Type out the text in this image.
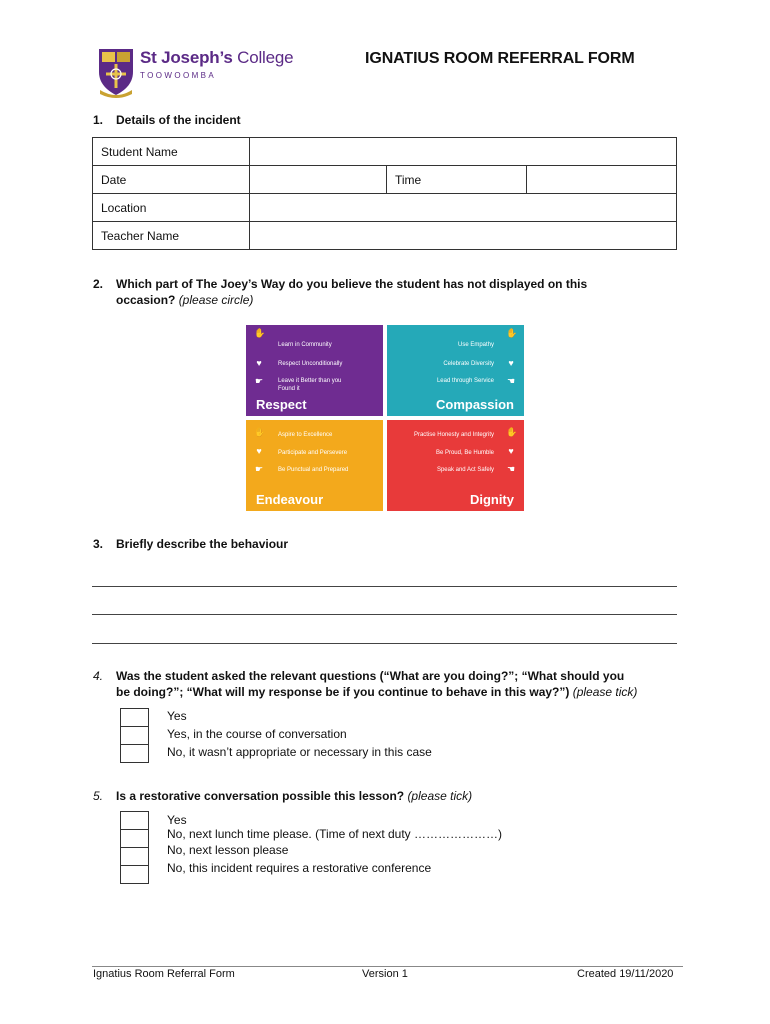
St Joseph’s College
TOOWOOMBA
IGNATIUS ROOM REFERRAL FORM
1. Details of the incident
Student Name			
Date		Time	
Location			
Teacher Name			
2. Which part of The Joey’s Way do you believe the student has not displayed on this
occasion? (please circle)
✋
Learn in Community
♥	Respect Unconditionally
☛ Leave it Better than you
Found it
Respect
✋
Use Empathy
♥
Celebrate Diversity
☚
Lead through Service
Compassion
✋ Aspire to Excellence
♥	Participate and Persevere
☛ Be Punctual and Prepared
Endeavour
✋
Practise Honesty and Integrity
♥
Be Proud, Be Humble
☚
Speak and Act Safely
Dignity
3. Briefly describe the behaviour
4. Was the student asked the relevant questions (“What are you doing?”; “What should you
be doing?”; “What will my response be if you continue to behave in this way?”) (please tick)
Yes
Yes, in the course of conversation
No, it wasn’t appropriate or necessary in this case
5. Is a restorative conversation possible this lesson? (please tick)
Yes
No, next lunch time please. (Time of next duty …………………)
No, next lesson please
No, this incident requires a restorative conference
Ignatius Room Referral Form	Version 1	Created 19/11/2020
